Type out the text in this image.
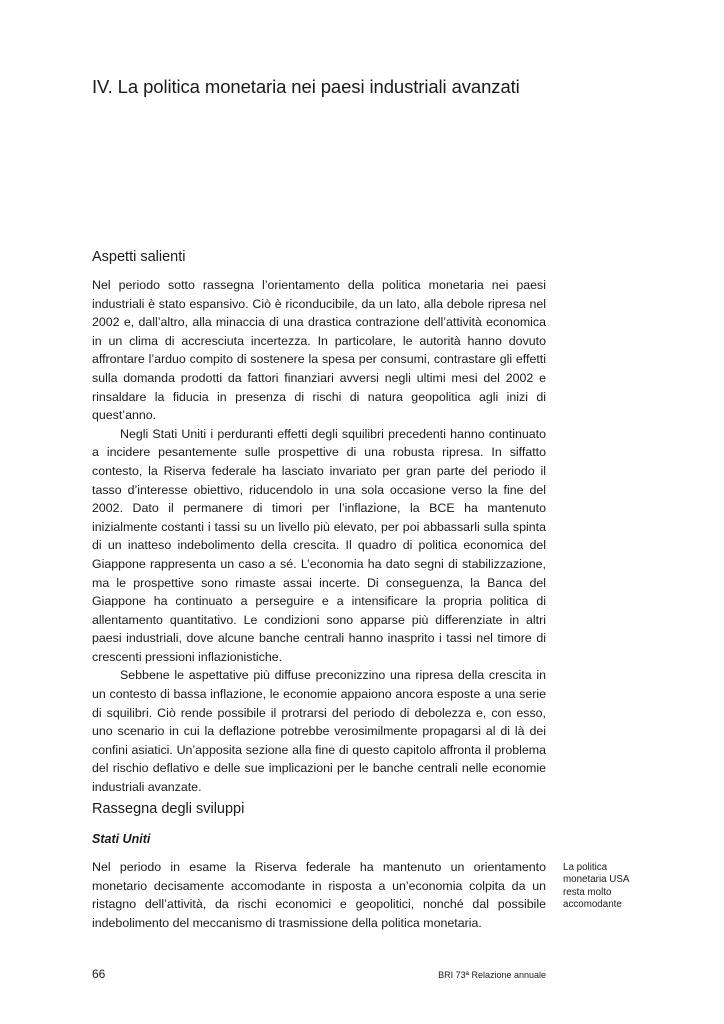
IV. La politica monetaria nei paesi industriali avanzati
Aspetti salienti

Nel periodo sotto rassegna l’orientamento della politica monetaria nei paesi industriali è stato espansivo. Ciò è riconducibile, da un lato, alla debole ripresa nel 2002 e, dall’altro, alla minaccia di una drastica contrazione dell’attività economica in un clima di accresciuta incertezza. In particolare, le autorità hanno dovuto affrontare l’arduo compito di sostenere la spesa per consumi, contrastare gli effetti sulla domanda prodotti da fattori finanziari avversi negli ultimi mesi del 2002 e rinsaldare la fiducia in presenza di rischi di natura geopolitica agli inizi di quest’anno.

Negli Stati Uniti i perduranti effetti degli squilibri precedenti hanno continuato a incidere pesantemente sulle prospettive di una robusta ripresa. In siffatto contesto, la Riserva federale ha lasciato invariato per gran parte del periodo il tasso d’interesse obiettivo, riducendolo in una sola occasione verso la fine del 2002. Dato il permanere di timori per l’inflazione, la BCE ha mantenuto inizialmente costanti i tassi su un livello più elevato, per poi abbassarli sulla spinta di un inatteso indebolimento della crescita. Il quadro di politica economica del Giappone rappresenta un caso a sé. L’economia ha dato segni di stabilizzazione, ma le prospettive sono rimaste assai incerte. Di conseguenza, la Banca del Giappone ha continuato a perseguire e a intensificare la propria politica di allentamento quantitativo. Le condizioni sono apparse più differenziate in altri paesi industriali, dove alcune banche centrali hanno inasprito i tassi nel timore di crescenti pressioni inflazionistiche.

Sebbene le aspettative più diffuse preconizzino una ripresa della crescita in un contesto di bassa inflazione, le economie appaiono ancora esposte a una serie di squilibri. Ciò rende possibile il protrarsi del periodo di debolezza e, con esso, uno scenario in cui la deflazione potrebbe verosimilmente propagarsi al di là dei confini asiatici. Un’apposita sezione alla fine di questo capitolo affronta il problema del rischio deflativo e delle sue implicazioni per le banche centrali nelle economie industriali avanzate.

Rassegna degli sviluppi
Stati Uniti

Nel periodo in esame la Riserva federale ha mantenuto un orientamento monetario decisamente accomodante in risposta a un’economia colpita da un ristagno dell’attività, da rischi economici e geopolitici, nonché dal possibile indebolimento del meccanismo di trasmissione della politica monetaria.

La politica monetaria USA resta molto accomodante

66	BRI 73ª Relazione annuale
